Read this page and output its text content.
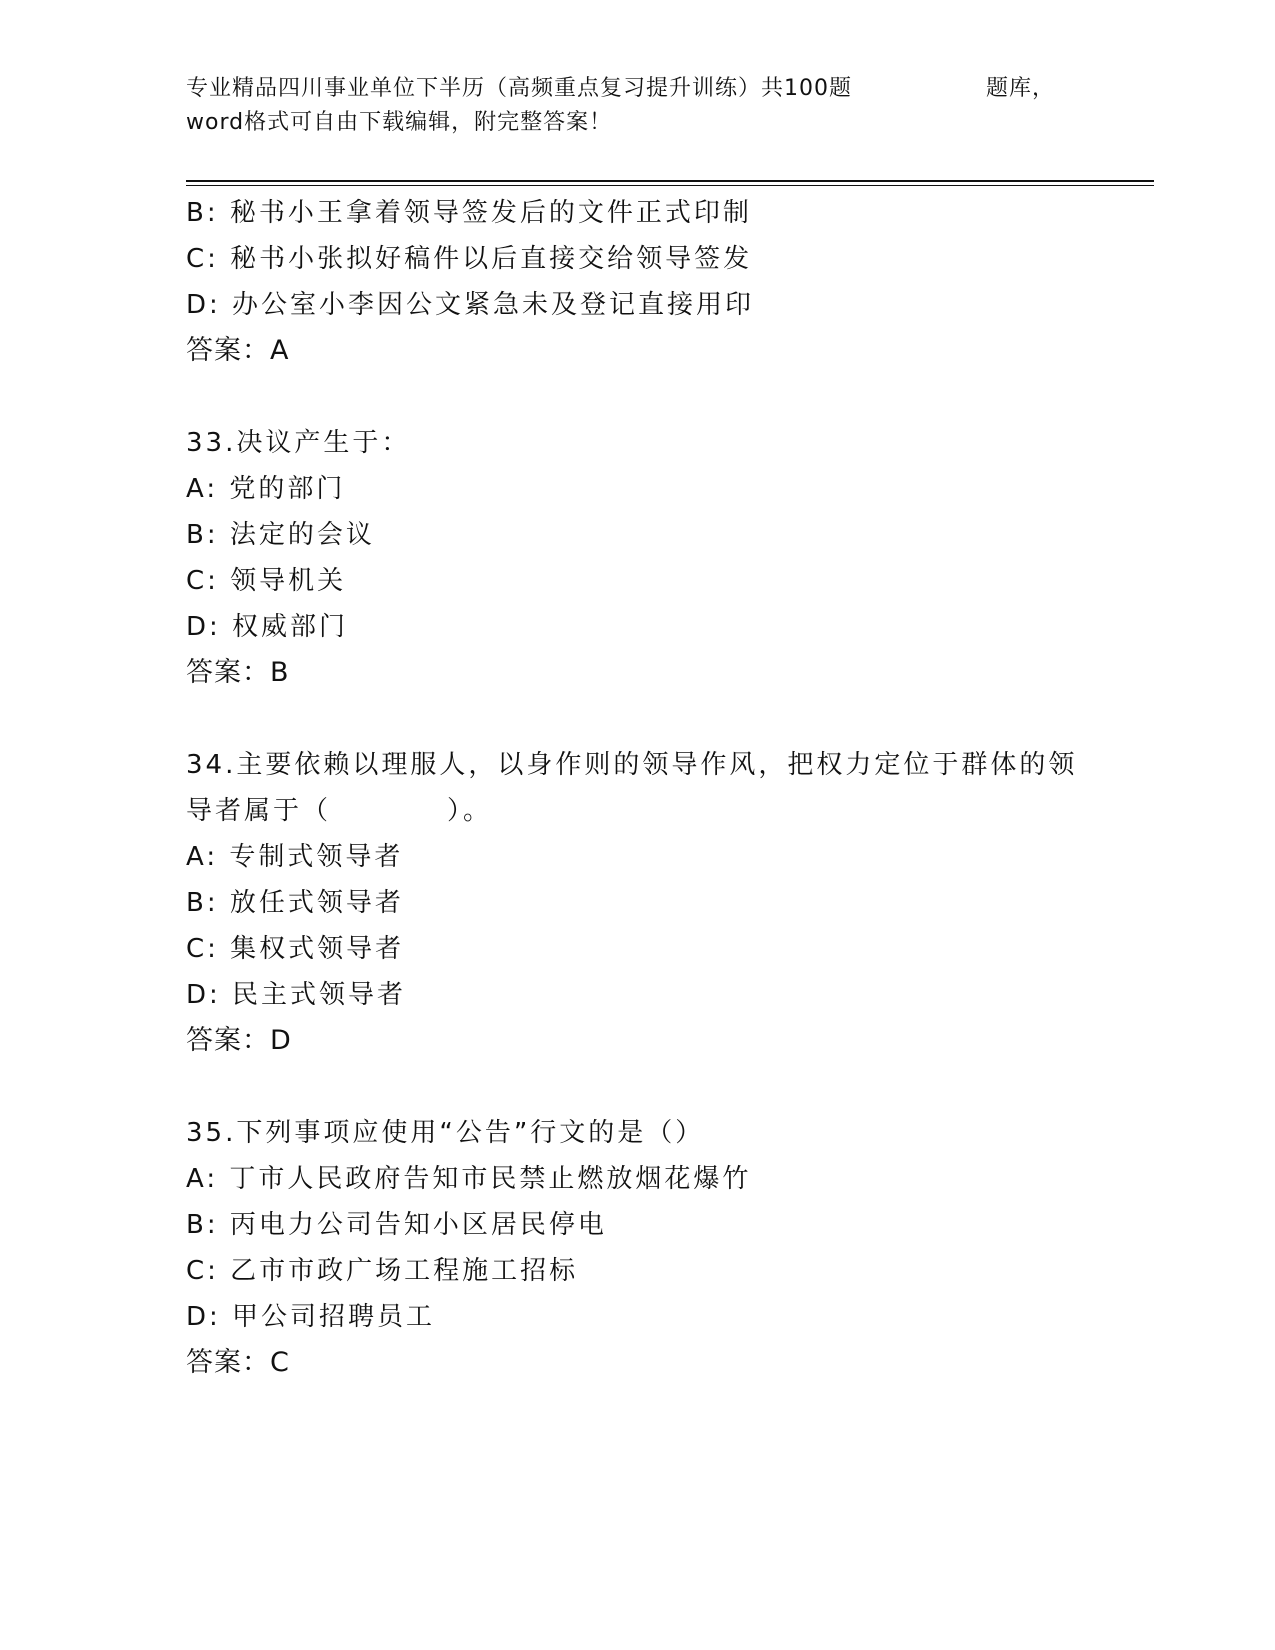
专业精品四川事业单位下半历（高频重点复习提升训练）共100题	题库，
word格式可自由下载编辑，附完整答案！
B: 秘书小王拿着领导签发后的文件正式印制
C: 秘书小张拟好稿件以后直接交给领导签发
D: 办公室小李因公文紧急未及登记直接用印
答案：A
33.决议产生于：
A: 党的部门
B: 法定的会议
C: 领导机关
D: 权威部门
答案：B
34.主要依赖以理服人，以身作则的领导作风，把权力定位于群体的领
导者属于（　　　　）。
A: 专制式领导者
B: 放任式领导者
C: 集权式领导者
D: 民主式领导者
答案：D
35.下列事项应使用“公告”行文的是（）
A: 丁市人民政府告知市民禁止燃放烟花爆竹
B: 丙电力公司告知小区居民停电
C: 乙市市政广场工程施工招标
D: 甲公司招聘员工
答案：C
